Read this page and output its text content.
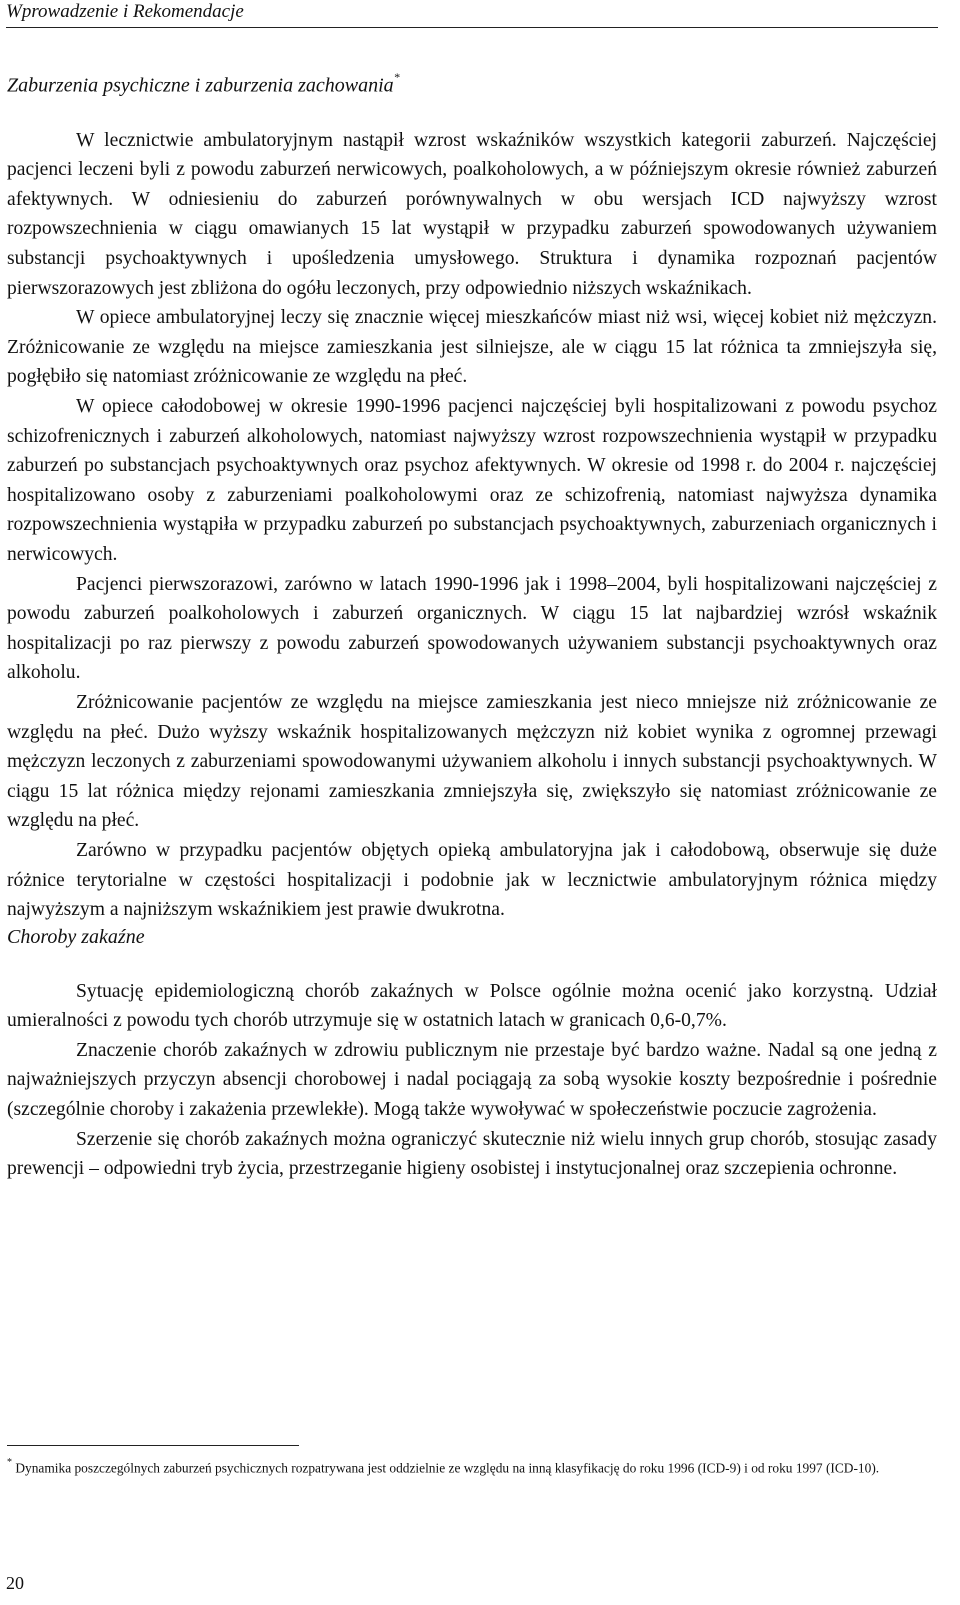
Wprowadzenie i Rekomendacje
Zaburzenia psychiczne i zaburzenia zachowania*

W lecznictwie ambulatoryjnym nastąpił wzrost wskaźników wszystkich kategorii zaburzeń. Najczęściej pacjenci leczeni byli z powodu zaburzeń nerwicowych, poalkoholowych, a w późniejszym okresie również zaburzeń afektywnych. W odniesieniu do zaburzeń porównywalnych w obu wersjach ICD najwyższy wzrost rozpowszechnienia w ciągu omawianych 15 lat wystąpił w przypadku zaburzeń spowodowanych używaniem substancji psychoaktywnych i upośledzenia umysłowego. Struktura i dynamika rozpoznań pacjentów pierwszorazowych jest zbliżona do ogółu leczonych, przy odpowiednio niższych wskaźnikach.

W opiece ambulatoryjnej leczy się znacznie więcej mieszkańców miast niż wsi, więcej kobiet niż mężczyzn. Zróżnicowanie ze względu na miejsce zamieszkania jest silniejsze, ale w ciągu 15 lat różnica ta zmniejszyła się, pogłębiło się natomiast zróżnicowanie ze względu na płeć.

W opiece całodobowej w okresie 1990-1996 pacjenci najczęściej byli hospitalizowani z powodu psychoz schizofrenicznych i zaburzeń alkoholowych, natomiast najwyższy wzrost rozpowszechnienia wystąpił w przypadku zaburzeń po substancjach psychoaktywnych oraz psychoz afektywnych. W okresie od 1998 r. do 2004 r. najczęściej hospitalizowano osoby z zaburzeniami poalkoholowymi oraz ze schizofrenią, natomiast najwyższa dynamika rozpowszechnienia wystąpiła w przypadku zaburzeń po substancjach psychoaktywnych, zaburzeniach organicznych i nerwicowych.

Pacjenci pierwszorazowi, zarówno w latach 1990-1996 jak i 1998–2004, byli hospitalizowani najczęściej z powodu zaburzeń poalkoholowych i zaburzeń organicznych. W ciągu 15 lat najbardziej wzrósł wskaźnik hospitalizacji po raz pierwszy z powodu zaburzeń spowodowanych używaniem substancji psychoaktywnych oraz alkoholu.

Zróżnicowanie pacjentów ze względu na miejsce zamieszkania jest nieco mniejsze niż zróżnicowanie ze względu na płeć. Dużo wyższy wskaźnik hospitalizowanych mężczyzn niż kobiet wynika z ogromnej przewagi mężczyzn leczonych z zaburzeniami spowodowanymi używaniem alkoholu i innych substancji psychoaktywnych. W ciągu 15 lat różnica między rejonami zamieszkania zmniejszyła się, zwiększyło się natomiast zróżnicowanie ze względu na płeć.

Zarówno w przypadku pacjentów objętych opieką ambulatoryjna jak i całodobową, obserwuje się duże różnice terytorialne w częstości hospitalizacji i podobnie jak w lecznictwie ambulatoryjnym różnica między najwyższym a najniższym wskaźnikiem jest prawie dwukrotna.

Choroby zakaźne

Sytuację epidemiologiczną chorób zakaźnych w Polsce ogólnie można ocenić jako korzystną. Udział umieralności z powodu tych chorób utrzymuje się w ostatnich latach w granicach 0,6-0,7%.

Znaczenie chorób zakaźnych w zdrowiu publicznym nie przestaje być bardzo ważne. Nadal są one jedną z najważniejszych przyczyn absencji chorobowej i nadal pociągają za sobą wysokie koszty bezpośrednie i pośrednie (szczególnie choroby i zakażenia przewlekłe). Mogą także wywoływać w społeczeństwie poczucie zagrożenia.

Szerzenie się chorób zakaźnych można ograniczyć skutecznie niż wielu innych grup chorób, stosując zasady prewencji – odpowiedni tryb życia, przestrzeganie higieny osobistej i instytucjonalnej oraz szczepienia ochronne.

* Dynamika poszczególnych zaburzeń psychicznych rozpatrywana jest oddzielnie ze względu na inną klasyfikację do roku 1996 (ICD-9) i od roku 1997 (ICD-10).
20
